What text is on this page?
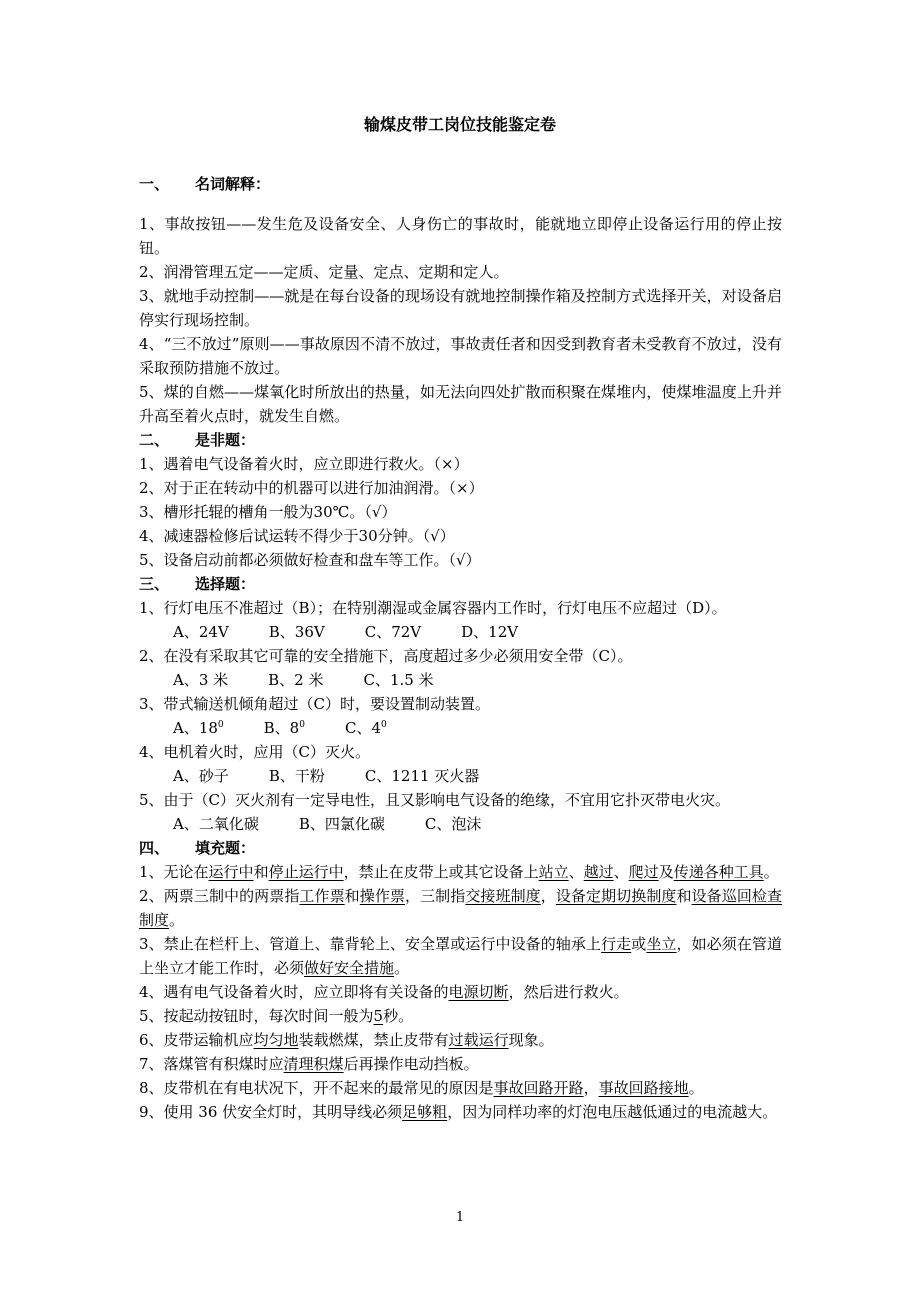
输煤皮带工岗位技能鉴定卷
一、 名词解释：
1、事故按钮——发生危及设备安全、人身伤亡的事故时，能就地立即停止设备运行用的停止按钮。
2、润滑管理五定——定质、定量、定点、定期和定人。
3、就地手动控制——就是在每台设备的现场设有就地控制操作箱及控制方式选择开关，对设备启停实行现场控制。
4、“三不放过”原则——事故原因不清不放过，事故责任者和因受到教育者未受教育不放过，没有采取预防措施不放过。
5、煤的自燃——煤氧化时所放出的热量，如无法向四处扩散而积聚在煤堆内，使煤堆温度上升并升高至着火点时，就发生自燃。
二、 是非题：
1、遇着电气设备着火时，应立即进行救火。（×）
2、对于正在转动中的机器可以进行加油润滑。（×）
3、槽形托辊的槽角一般为30℃。（√）
4、减速器检修后试运转不得少于30分钟。（√）
5、设备启动前都必须做好检查和盘车等工作。（√）
三、 选择题：
1、行灯电压不准超过（B）；在特别潮湿或金属容器内工作时，行灯电压不应超过（D）。
A、24V	B、36V	C、72V	D、12V
2、在没有采取其它可靠的安全措施下，高度超过多少必须用安全带（C）。
A、3 米	B、2 米	C、1.5 米
3、带式输送机倾角超过（C）时，要设置制动装置。
A、$18^0$	B、$8^0$	C、$4^0$
4、电机着火时，应用（C）灭火。
A、砂子	B、干粉	C、1211 灭火器
5、由于（C）灭火剂有一定导电性，且又影响电气设备的绝缘，不宜用它扑灭带电火灾。
A、二氧化碳	B、四氯化碳	C、泡沫
四、 填充题：
1、无论在运行中和停止运行中，禁止在皮带上或其它设备上站立、越过、爬过及传递各种工具。
2、两票三制中的两票指工作票和操作票，三制指交接班制度，设备定期切换制度和设备巡回检查制度。
3、禁止在栏杆上、管道上、靠背轮上、安全罩或运行中设备的轴承上行走或坐立，如必须在管道上坐立才能工作时，必须做好安全措施。
4、遇有电气设备着火时，应立即将有关设备的电源切断，然后进行救火。
5、按起动按钮时，每次时间一般为5秒。
6、皮带运输机应均匀地装载燃煤，禁止皮带有过载运行现象。
7、落煤管有积煤时应清理积煤后再操作电动挡板。
8、皮带机在有电状况下，开不起来的最常见的原因是事故回路开路，事故回路接地。
9、使用 36 伏安全灯时，其明导线必须足够粗，因为同样功率的灯泡电压越低通过的电流越大。
1
